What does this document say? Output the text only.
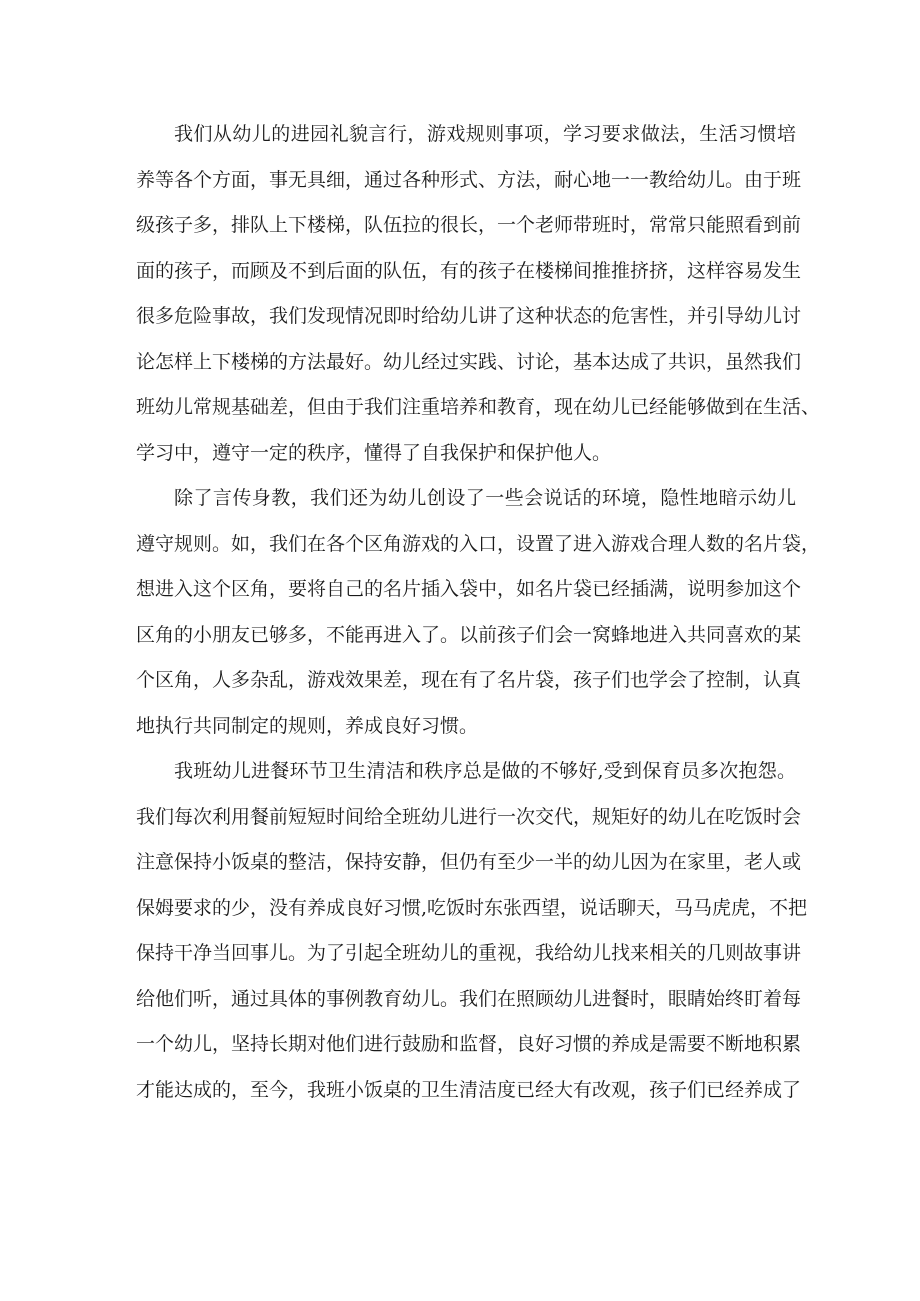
我们从幼儿的进园礼貌言行，游戏规则事项，学习要求做法，生活习惯培
养等各个方面，事无具细，通过各种形式、方法，耐心地一一教给幼儿。由于班
级孩子多，排队上下楼梯，队伍拉的很长，一个老师带班时，常常只能照看到前
面的孩子，而顾及不到后面的队伍，有的孩子在楼梯间推推挤挤，这样容易发生
很多危险事故，我们发现情况即时给幼儿讲了这种状态的危害性，并引导幼儿讨
论怎样上下楼梯的方法最好。幼儿经过实践、讨论，基本达成了共识，虽然我们
班幼儿常规基础差，但由于我们注重培养和教育，现在幼儿已经能够做到在生活、
学习中，遵守一定的秩序，懂得了自我保护和保护他人。
除了言传身教，我们还为幼儿创设了一些会说话的环境，隐性地暗示幼儿
遵守规则。如，我们在各个区角游戏的入口，设置了进入游戏合理人数的名片袋，
想进入这个区角，要将自己的名片插入袋中，如名片袋已经插满，说明参加这个
区角的小朋友已够多，不能再进入了。以前孩子们会一窝蜂地进入共同喜欢的某
个区角，人多杂乱，游戏效果差，现在有了名片袋，孩子们也学会了控制，认真
地执行共同制定的规则，养成良好习惯。
我班幼儿进餐环节卫生清洁和秩序总是做的不够好,受到保育员多次抱怨。
我们每次利用餐前短短时间给全班幼儿进行一次交代，规矩好的幼儿在吃饭时会
注意保持小饭桌的整洁，保持安静，但仍有至少一半的幼儿因为在家里，老人或
保姆要求的少，没有养成良好习惯,吃饭时东张西望，说话聊天，马马虎虎，不把
保持干净当回事儿。为了引起全班幼儿的重视，我给幼儿找来相关的几则故事讲
给他们听，通过具体的事例教育幼儿。我们在照顾幼儿进餐时，眼睛始终盯着每
一个幼儿，坚持长期对他们进行鼓励和监督，良好习惯的养成是需要不断地积累
才能达成的，至今，我班小饭桌的卫生清洁度已经大有改观，孩子们已经养成了
